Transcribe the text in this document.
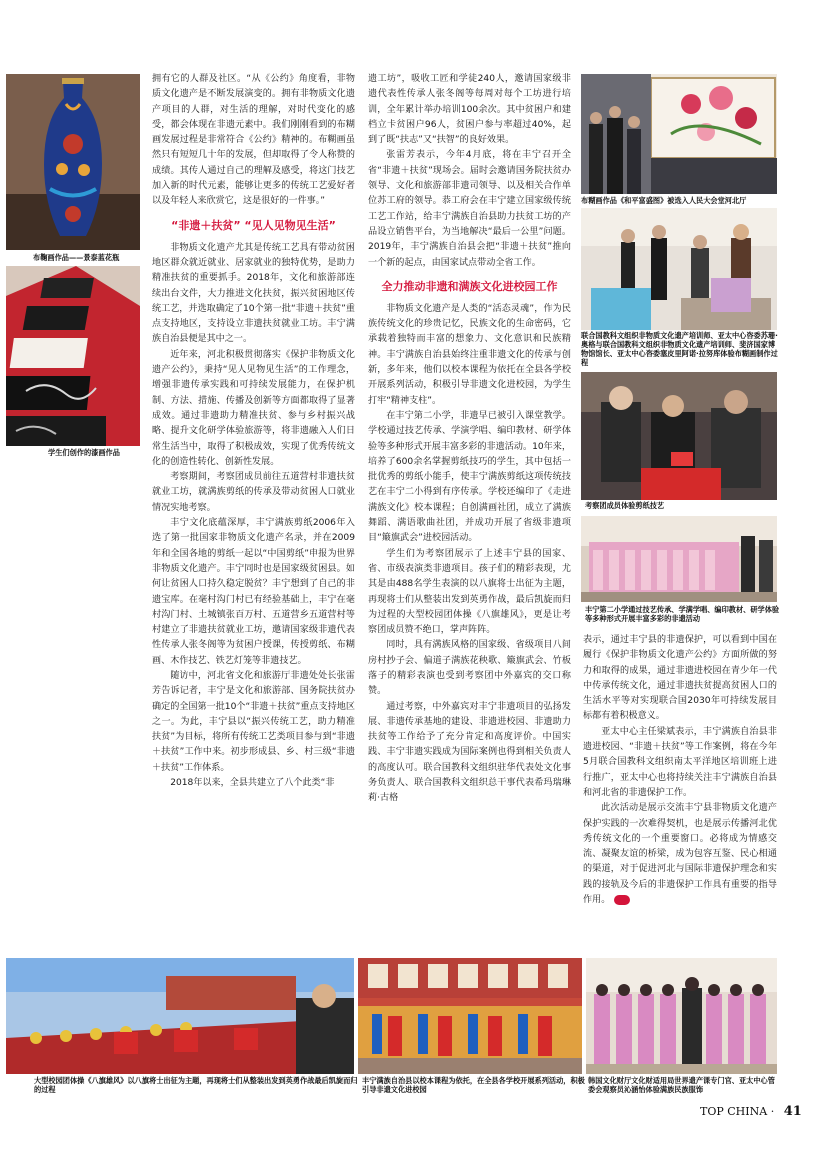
布鞠画作品——景泰蓝花瓶
学生们创作的漆画作品
布糊画作品《和平富盛图》被选入人民大会堂河北厅
联合国教科文组织非物质文化遗产培训师、亚太中心咨委苏珊·奥格与联合国教科文组织非物质文化遗产培训师、斐济国家博物馆馆长、亚太中心咨委塞皮里阿诺·拉努库体验布糊画制作过程
考察团成员体验剪纸技艺
丰宁第二小学通过技艺传承、学满学唱、编印教材、研学体验等多种形式开展丰富多彩的非遗活动
大型校园团体操《八旗雄风》以八旗将士出征为主题，再现将士们从整装出发到英勇作战最后凯旋而归的过程
丰宁满族自治县以校本课程为依托，在全县各学校开展系列活动，积极引导非遗文化进校园
韩国文化财厅文化财适用局世界遗产课专门官、亚太中心管委会观察员沁涵怡体验满族民族服饰

拥有它的人群及社区。“从《公约》角度看，非物质文化遗产是不断发展演变的。拥有非物质文化遗产项目的人群，对生活的理解，对时代变化的感受，都会体现在非遗元素中。我们刚刚看到的布糊画发展过程是非常符合《公约》精神的。布糊画虽然只有短短几十年的发展，但却取得了令人称赞的成绩。其传人通过自己的理解及感受，将这门技艺加入新的时代元素，能够让更多的传统工艺爱好者以及年轻人来欣赏它，这是很好的一件事。”

“非遗＋扶贫” “见人见物见生活”

非物质文化遗产尤其是传统工艺具有带动贫困地区群众就近就业、居家就业的独特优势，是助力精准扶贫的重要抓手。2018年，文化和旅游部连续出台文件，大力推进文化扶贫，振兴贫困地区传统工艺，并选取确定了10个第一批“非遗＋扶贫”重点支持地区，支持设立非遗扶贫就业工坊。丰宁满族自治县便是其中之一。

近年来，河北积极贯彻落实《保护非物质文化遗产公约》，秉持“见人见物见生活”的工作理念，增强非遗传承实践和可持续发展能力，在保护机制、方法、措施、传播及创新等方面都取得了显著成效。通过非遗助力精准扶贫、参与乡村振兴战略、提升文化研学体验旅游等，将非遗融入人们日常生活当中，取得了积极成效，实现了优秀传统文化的创造性转化、创新性发展。

考察期间，考察团成员前往五道营村非遗扶贫就业工坊，就满族剪纸的传承及带动贫困人口就业情况实地考察。

丰宁文化底蕴深厚，丰宁满族剪纸2006年入选了第一批国家非物质文化遗产名录，并在2009年和全国各地的剪纸一起以“中国剪纸”申报为世界非物质文化遗产。丰宁同时也是国家级贫困县。如何让贫困人口持久稳定脱贫？丰宁想到了自己的非遗宝库。在毫村沟门村已有经验基础上，丰宁在毫村沟门村、土城镇张百万村、五道营乡五道营村等村建立了非遗扶贫就业工坊，邀请国家级非遗代表性传承人张冬阁等为贫困户授课，传授剪纸、布糊画、木作技艺、铁艺灯笼等非遗技艺。

随访中，河北省文化和旅游厅非遗处处长张雷芳告诉记者，丰宁是文化和旅游部、国务院扶贫办确定的全国第一批10个“非遗＋扶贫”重点支持地区之一。为此，丰宁县以“振兴传统工艺，助力精准扶贫”为目标，将所有传统工艺类项目参与到“非遗＋扶贫”工作中来。初步形成县、乡、村三级“非遗＋扶贫”工作体系。

2018年以来，全县共建立了八个此类“非

遗工坊”，吸收工匠和学徒240人，邀请国家级非遗代表性传承人张冬阁等每周对每个工坊进行培训，全年累计举办培训100余次。其中贫困户和建档立卡贫困户96人，贫困户参与率超过40%，起到了既“扶志”又“扶智”的良好效果。

张雷芳表示，今年4月底，将在丰宁召开全省“非遗＋扶贫”现场会。届时会邀请国务院扶贫办领导、文化和旅游部非遗司领导、以及相关合作单位苏工府的领导。恭工府会在丰宁建立国家级传统工艺工作站，给丰宁满族自治县助力扶贫工坊的产品设立销售平台，为当地解决“最后一公里”问题。2019年，丰宁满族自治县会把“非遗＋扶贫”推向一个新的起点，由国家试点带动全省工作。

全力推动非遗和满族文化进校园工作

非物质文化遗产是人类的“活态灵魂”，作为民族传统文化的珍贵记忆，民族文化的生命密码，它承载着独特而丰富的想象力、文化意识和民族精神。丰宁满族自治县始终注重非遗文化的传承与创新，多年来，他们以校本课程为依托在全县各学校开展系列活动，积极引导非遗文化进校园，为学生打牢“精神支柱”。

在丰宁第二小学，非遗早已被引入课堂教学。学校通过技艺传承、学演学唱、编印教材、研学体验等多种形式开展丰富多彩的非遗活动。10年来，培养了600余名掌握剪纸技巧的学生，其中包括一批优秀的剪纸小能手，使丰宁满族剪纸这项传统技艺在丰宁二小得到有序传承。学校还编印了《走进满族文化》校本课程；自创满画社团，成立了满族舞蹈、满语歌曲社团，并成功开展了省级非遗项目“簸旗武会”进校园活动。

学生们为考察团展示了上述丰宁县的国家、省、市级表演类非遗项目。孩子们的精彩表现，尤其是由488名学生表演的以八旗将士出征为主题，再现将士们从整装出发到英勇作战，最后凯旋而归为过程的大型校园团体操《八旗雄风》，更是让考察团成员赞不绝口，掌声阵阵。

同时，具有满族风格的国家级、省级项目八间房村抄子会、偏道子满族花秧歌、簸旗武会、竹板落子的精彩表演也受到考察团中外嘉宾的交口称赞。

通过考察，中外嘉宾对丰宁非遗项目的弘扬发展、非遗传承基地的建设、非遗进校园、非遗助力扶贫等工作给予了充分肯定和高度评价。中国实践、丰宁非遗实践成为国际案例也得到相关负责人的高度认可。联合国教科文组织驻华代表处文化事务负责人、联合国教科文组织总干事代表希玛瑞琳莉·古格

表示，通过丰宁县的非遗保护，可以看到中国在履行《保护非物质文化遗产公约》方面所做的努力和取得的成果，通过非遗进校园在青少年一代中传承传统文化，通过非遗扶贫提高贫困人口的生活水平等对实现联合国2030年可持续发展目标都有着积极意义。

亚太中心主任梁斌表示，丰宁满族自治县非遗进校园、“非遗＋扶贫”等工作案例，将在今年5月联合国教科文组织南太平洋地区培训班上进行推广，亚太中心也将持续关注丰宁满族自治县和河北省的非遗保护工作。

此次活动是展示交流丰宁县非物质文化遗产保护实践的一次难得契机，也是展示传播河北优秀传统文化的一个重要窗口。必将成为情感交流、凝聚友谊的桥梁，成为包容互鉴、民心相通的渠道，对于促进河北与国际非遗保护理念和实践的接轨及今后的非遗保护工作具有重要的指导作用。

TOP CHINA · 41
